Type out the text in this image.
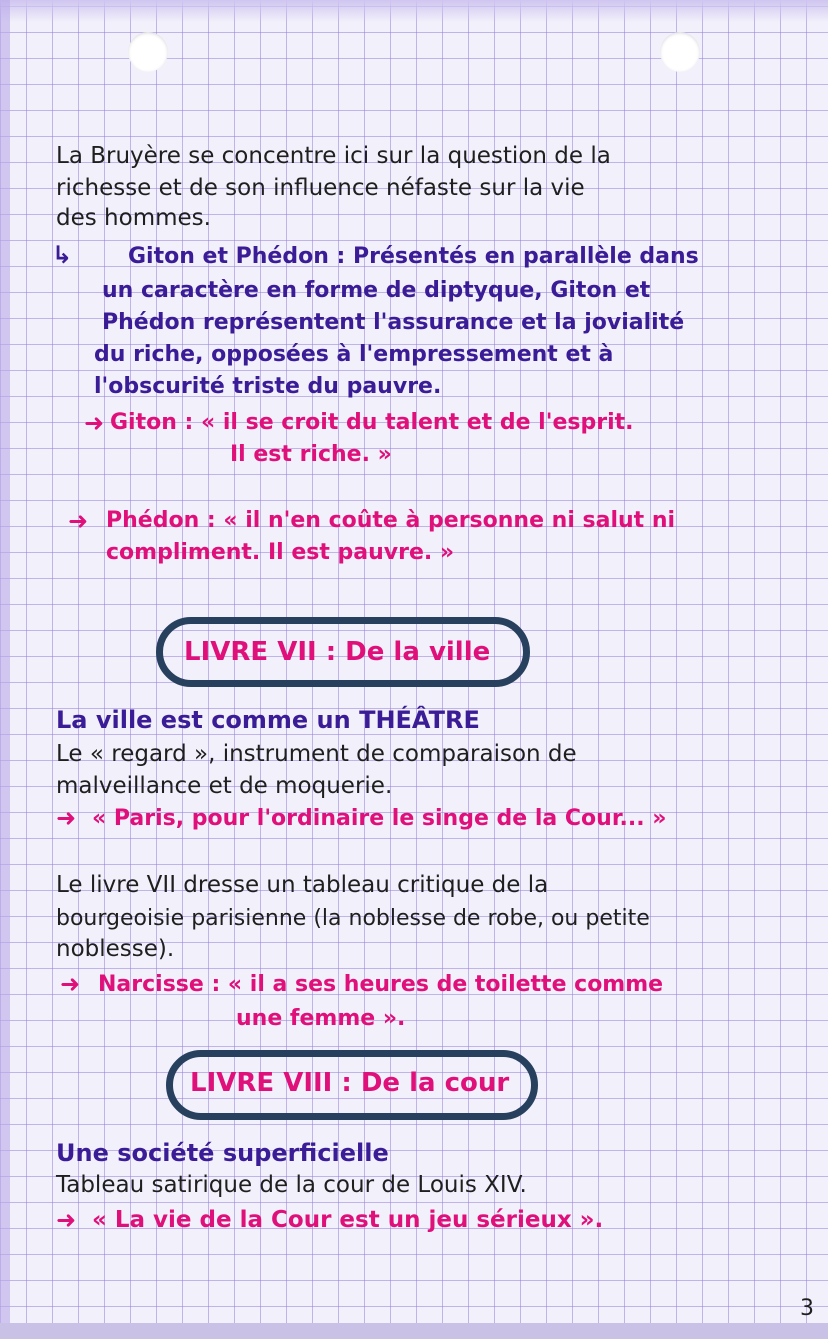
La Bruyère se concentre ici sur la question de la
richesse et de son influence néfaste sur la vie
des hommes.
↳	Giton et Phédon : Présentés en parallèle dans
un caractère en forme de diptyque, Giton et
Phédon représentent l'assurance et la jovialité
du riche, opposées à l'empressement et à
l'obscurité triste du pauvre.
➜ Giton : « il se croit du talent et de l'esprit.
Il est riche. »
➜ Phédon : « il n'en coûte à personne ni salut ni
compliment. Il est pauvre. »
LIVRE VII : De la ville
La ville est comme un THÉÂTRE
Le « regard », instrument de comparaison de
malveillance et de moquerie.
➜ « Paris, pour l'ordinaire le singe de la Cour... »
Le livre VII dresse un tableau critique de la
bourgeoisie parisienne (la noblesse de robe, ou petite
noblesse).
➜ Narcisse : « il a ses heures de toilette comme
une femme ».
LIVRE VIII : De la cour
Une société superficielle
Tableau satirique de la cour de Louis XIV.
➜ « La vie de la Cour est un jeu sérieux ».
3
